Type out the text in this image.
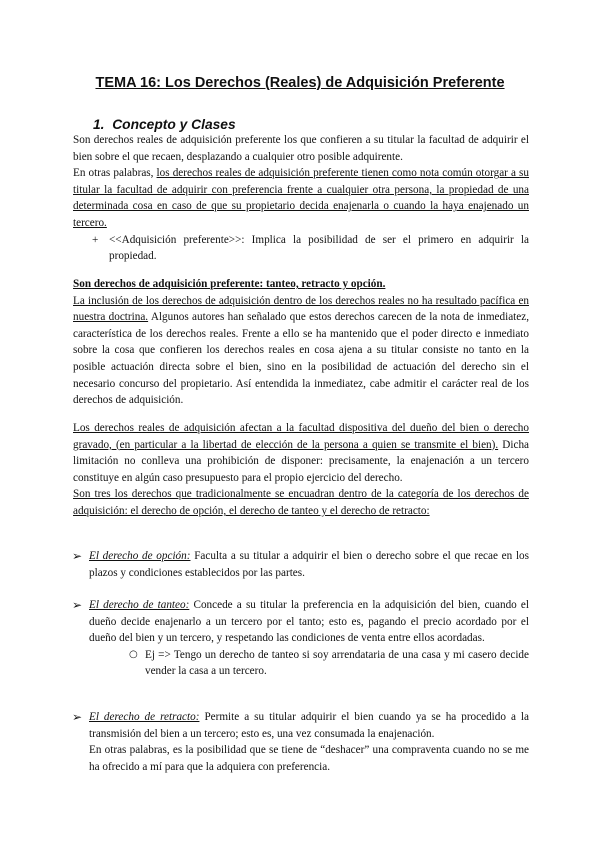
TEMA 16: Los Derechos (Reales) de Adquisición Preferente
1. Concepto y Clases

Son derechos reales de adquisición preferente los que confieren a su titular la facultad de adquirir el bien sobre el que recaen, desplazando a cualquier otro posible adquirente.

En otras palabras, los derechos reales de adquisición preferente tienen como nota común otorgar a su titular la facultad de adquirir con preferencia frente a cualquier otra persona, la propiedad de una determinada cosa en caso de que su propietario decida enajenarla o cuando la haya enajenado un tercero.

+ <<Adquisición preferente>>: Implica la posibilidad de ser el primero en adquirir la propiedad.

Son derechos de adquisición preferente: tanteo, retracto y opción.

La inclusión de los derechos de adquisición dentro de los derechos reales no ha resultado pacífica en nuestra doctrina. Algunos autores han señalado que estos derechos carecen de la nota de inmediatez, característica de los derechos reales. Frente a ello se ha mantenido que el poder directo e inmediato sobre la cosa que confieren los derechos reales en cosa ajena a su titular consiste no tanto en la posible actuación directa sobre el bien, sino en la posibilidad de actuación del derecho sin el necesario concurso del propietario. Así entendida la inmediatez, cabe admitir el carácter real de los derechos de adquisición.

Los derechos reales de adquisición afectan a la facultad dispositiva del dueño del bien o derecho gravado, (en particular a la libertad de elección de la persona a quien se transmite el bien). Dicha limitación no conlleva una prohibición de disponer: precisamente, la enajenación a un tercero constituye en algún caso presupuesto para el propio ejercicio del derecho.

Son tres los derechos que tradicionalmente se encuadran dentro de la categoría de los derechos de adquisición: el derecho de opción, el derecho de tanteo y el derecho de retracto:

➢ El derecho de opción: Faculta a su titular a adquirir el bien o derecho sobre el que recae en los plazos y condiciones establecidos por las partes.

➢ El derecho de tanteo: Concede a su titular la preferencia en la adquisición del bien, cuando el dueño decide enajenarlo a un tercero por el tanto; esto es, pagando el precio acordado por el dueño del bien y un tercero, y respetando las condiciones de venta entre ellos acordadas.

○ Ej => Tengo un derecho de tanteo si soy arrendataria de una casa y mi casero decide vender la casa a un tercero.
➢ El derecho de retracto: Permite a su titular adquirir el bien cuando ya se ha procedido a la transmisión del bien a un tercero; esto es, una vez consumada la enajenación.

En otras palabras, es la posibilidad que se tiene de “deshacer” una compraventa cuando no se me ha ofrecido a mí para que la adquiera con preferencia.
